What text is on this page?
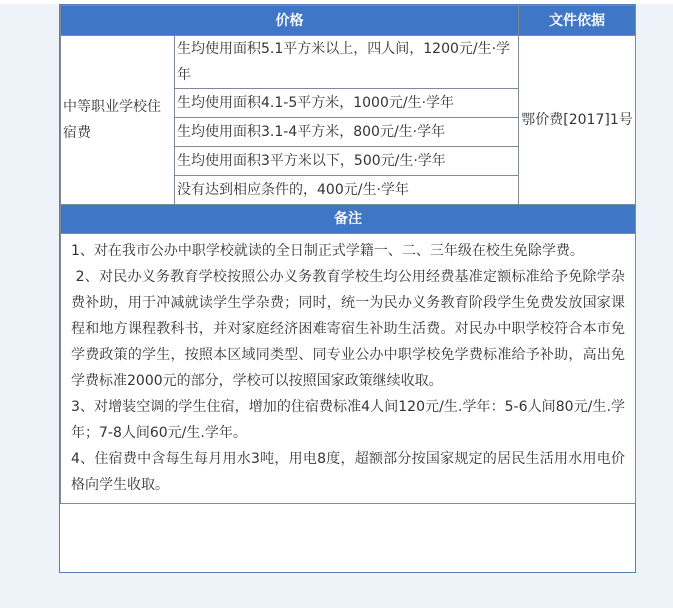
价格		文件依据
中等职业学校住宿费	生均使用面积5.1平方米以上，四人间，1200元/生·学年	鄂价费[2017]1号
	生均使用面积4.1-5平方米，1000元/生·学年	
	生均使用面积3.1-4平方米，800元/生·学年	
	生均使用面积3平方米以下，500元/生·学年	
	没有达到相应条件的，400元/生·学年	
备注		

1、对在我市公办中职学校就读的全日制正式学籍一、二、三年级在校生免除学费。

2、对民办义务教育学校按照公办义务教育学校生均公用经费基准定额标准给予免除学杂费补助，用于冲减就读学生学杂费；同时，统一为民办义务教育阶段学生免费发放国家课程和地方课程教科书，并对家庭经济困难寄宿生补助生活费。对民办中职学校符合本市免学费政策的学生，按照本区域同类型、同专业公办中职学校免学费标准给予补助，高出免学费标准2000元的部分，学校可以按照国家政策继续收取。

3、对增装空调的学生住宿，增加的住宿费标准4人间120元/生.学年：5-6人间80元/生.学年；7-8人间60元/生.学年。

4、住宿费中含每生每月用水3吨，用电8度，超额部分按国家规定的居民生活用水用电价格向学生收取。		
